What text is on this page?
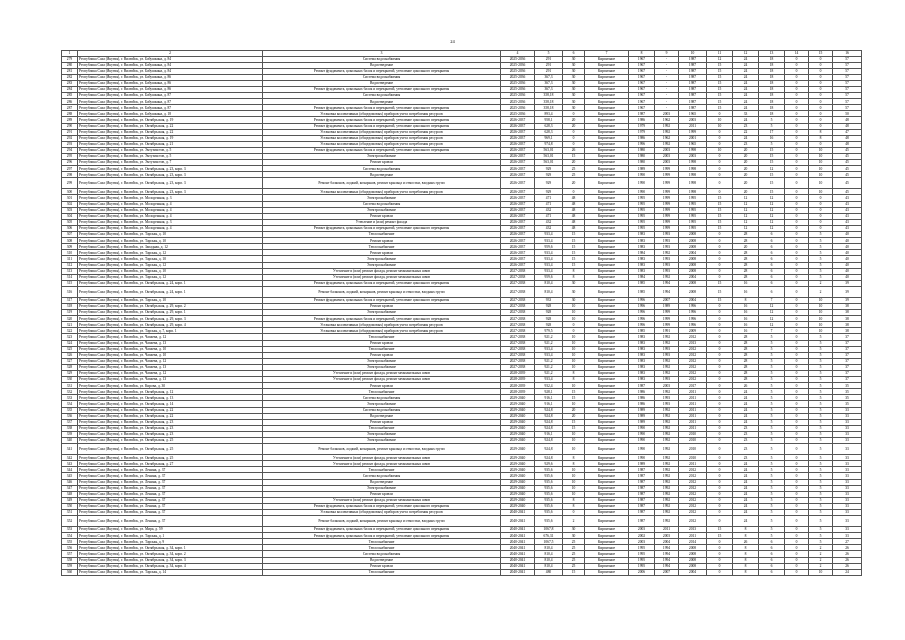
24
1	2	3	4	5	6	7	8	9	10	11	12	13	14	15	16
279	Республика Саха (Якутия), г. Вилюйск, ул. Бабушкина, д. 84	Система водоснабжения	2025-2036	291	30	Кирпичное	1967	-	1987	12	24	18	0	0	57
280	Республика Саха (Якутия), г. Вилюйск, ул. Бабушкина, д. 84	Водоотведение	2025-2036	291	30	Кирпичное	1967	-	1987	15	24	18	0	0	57
281	Республика Саха (Якутия), г. Вилюйск, ул. Бабушкина, д. 84	Ремонт фундамента, цокольных балок и перекрытий, утепление цокольного перекрытия	2025-2036	291	30	Кирпичное	1967	-	1987	15	24	18	0	0	57
282	Республика Саха (Якутия), г. Вилюйск, ул. Бабушкина, д. 86	Система водоснабжения	2025-2036	367,3	30	Кирпичное	1967	-	1987	15	24	18	0	0	57
283	Республика Саха (Якутия), г. Вилюйск, ул. Бабушкина, д. 86	Водоотведение	2025-2036	367,3	30	Кирпичное	1967	-	1987	15	24	18	0	0	57
284	Республика Саха (Якутия), г. Вилюйск, ул. Бабушкина, д. 86	Ремонт фундамента, цокольных балок и перекрытий, утепление цокольного перекрытия	2025-2036	367,3	30	Кирпичное	1967	-	1987	15	24	18	0	0	57
285	Республика Саха (Якутия), г. Вилюйск, ул. Бабушкина, д. 87	Система водоснабжения	2025-2036	358,18	30	Кирпичное	1967	-	1987	15	24	18	0	0	57
286	Республика Саха (Якутия), г. Вилюйск, ул. Бабушкина, д. 87	Водоотведение	2025-2036	358,18	30	Кирпичное	1967	-	1987	15	24	18	0	0	57
287	Республика Саха (Якутия), г. Вилюйск, ул. Бабушкина, д. 87	Ремонт фундамента, цокольных балок и перекрытий, утепление цокольного перекрытия	2025-2036	358,18	30	Кирпичное	1967	-	1987	15	24	18	0	0	57
288	Республика Саха (Якутия), г. Вилюйск, ул. Бабушкина, д. 18	Установка коллективных (общедомовых) приборов учета потребления ресурсов	2025-2036	893,4	0	Кирпичное	1987	2003	1965	0	33	18	0	0	50
289	Республика Саха (Якутия), г. Вилюйск, ул. Октябрьская, д. 19	Ремонт фундамента, цокольных балок и перекрытий, утепление цокольного перекрытия	2026-2037	958,1	20	Кирпичное	1986	1962	2003	10	24	5	0	0	48
290	Республика Саха (Якутия), г. Вилюйск, ул. Октябрьская, д. 22	Ремонт фундамента, цокольных балок и перекрытий, утепление цокольного перекрытия	2026-2037	628,3	20	Кирпичное	1979	1992	2011	10	23	5	0	0	48
291	Республика Саха (Якутия), г. Вилюйск, ул. Октябрьская, д. 22	Установка коллективных (общедомовых) приборов учета потребления ресурсов	2026-2037	628,3	0	Кирпичное	1979	1992	1999	0	22	17	0	8	47
292	Республика Саха (Якутия), г. Вилюйск, ул. Октябрьская, д. 19	Установка коллективных (общедомовых) приборов учета потребления ресурсов	2026-2037	969,1	0	Кирпичное	1986	1962	2001	0	24	16	0	8	48
293	Республика Саха (Якутия), г. Вилюйск, ул. Октябрьская, д. 21	Установка коллективных (общедомовых) приборов учета потребления ресурсов	2026-2037	974,8	0	Кирпичное	1996	1992	1965	0	23	5	0	0	48
294	Республика Саха (Якутия), г. Вилюйск, ул. Энтузиастов, д. 5	Ремонт фундамента, цокольных балок и перекрытий, утепление цокольного перекрытия	2026-2037	563,01	26	Кирпичное	1980	2003	1998	10	20	15	0	10	45
295	Республика Саха (Якутия), г. Вилюйск, ул. Энтузиастов, д. 5	Электроснабжение	2026-2037	563,01	15	Кирпичное	1980	2003	2003	0	20	15	0	10	45
296	Республика Саха (Якутия), г. Вилюйск, ул. Энтузиастов, д. 7	Ремонт кровли	2026-2037	563,01	20	Кирпичное	1980	2003	1998	0	20	15	0	10	45
297	Республика Саха (Якутия), г. Вилюйск, ул. Октябрьская, д. 23, корп. 3	Система водоснабжения	2026-2037	929	25	Кирпичное	1989	1999	1998	0	20	12	0	10	45
298	Республика Саха (Якутия), г. Вилюйск, ул. Октябрьская, д. 23, корп. 3	Водоотведение	2026-2037	929	25	Кирпичное	1990	1999	1998	0	20	15	0	10	45
299	Республика Саха (Якутия), г. Вилюйск, ул. Октябрьская, д. 23, корп. 3	Ремонт балконов, лоджий, козырьков, ремонт крыльца и отмостки, входных групп	2026-2037	929	20	Кирпичное	1990	1999	1998	0	20	15	0	10	45
300	Республика Саха (Якутия), г. Вилюйск, ул. Октябрьская, д. 23, корп. 3	Установка коллективных (общедомовых) приборов учета потребления ресурсов	2026-2037	929	0	Кирпичное	1990	1999	1998	0	20	15	0	10	45
301	Республика Саха (Якутия), г. Вилюйск, ул. Молодежная, д. 3	Электроснабжение	2026-2037	471	48	Кирпичное	1995	1999	1995	15	12	12	0	0	43
302	Республика Саха (Якутия), г. Вилюйск, ул. Молодежная, д. 4	Система водоснабжения	2026-2037	471	48	Кирпичное	1995	1999	1995	15	12	12	0	0	43
303	Республика Саха (Якутия), г. Вилюйск, ул. Молодежная, д. 4	Электроснабжение	2026-2037	432	48	Кирпичное	1995	1999	1995	15	12	12	0	0	43
304	Республика Саха (Якутия), г. Вилюйск, ул. Молодежная, д. 4	Ремонт кровли	2026-2037	471	48	Кирпичное	1995	1999	1995	15	12	12	0	0	43
305	Республика Саха (Якутия), г. Вилюйск, ул. Молодежная, д. 3	Утепление и (или) ремонт фасада	2026-2037	432	48	Кирпичное	1995	1999	1995	15	12	12	0	0	43
306	Республика Саха (Якутия), г. Вилюйск, ул. Молодежная, д. 4	Ремонт фундамента, цокольных балок и перекрытий, утепление цокольного перекрытия	2026-2037	432	48	Кирпичное	1995	1999	1995	15	12	12	0	0	43
307	Республика Саха (Якутия), г. Вилюйск, ул. Тарская, д. 10	Теплоснабжение	2026-2037	933,4	15	Кирпичное	1983	1993	2008	0	28	6	0	5	40
308	Республика Саха (Якутия), г. Вилюйск, ул. Тарская, д. 10	Ремонт кровли	2026-2037	933,4	15	Кирпичное	1983	1993	2008	0	28	6	0	5	40
309	Республика Саха (Якутия), г. Вилюйск, ул. Западная, д. 12	Теплоснабжение	2026-2037	959,6	15	Кирпичное	1983	1993	2008	0	20	6	0	5	40
310	Республика Саха (Якутия), г. Вилюйск, ул. Тарская, д. 12	Ремонт кровли	2026-2037	933,4	15	Кирпичное	1984	1992	2004	0	28	6	0	5	40
311	Республика Саха (Якутия), г. Вилюйск, ул. Тарская, д. 10	Электроснабжение	2026-2037	933,4	15	Кирпичное	1983	1993	2008	0	28	6	0	5	40
312	Республика Саха (Якутия), г. Вилюйск, ул. Тарская, д. 12	Электроснабжение	2026-2037	933,4	15	Кирпичное	1983	1993	2008	0	28	6	0	5	40
313	Республика Саха (Якутия), г. Вилюйск, ул. Тарская, д. 10	Утепление и (или) ремонт фасада, ремонт межпанельных швов	2027-2038	933,4	8	Кирпичное	1983	1993	2008	0	28	6	0	5	40
314	Республика Саха (Якутия), г. Вилюйск, ул. Тарская, д. 12	Утепление и (или) ремонт фасада, ремонт межпанельных швов	2027-2038	959,6	8	Кирпичное	1984	1992	2004	0	28	6	0	5	40
315	Республика Саха (Якутия), г. Вилюйск, ул. Октябрьская, д. 24, корп. 1	Ремонт фундамента, цокольных балок и перекрытий, утепление цокольного перекрытия	2027-2038	810,4	30	Кирпичное	1985	1994	2008	15	16	6	0	2	39
316	Республика Саха (Якутия), г. Вилюйск, ул. Октябрьская, д. 24, корп. 1	Ремонт балконов, лоджий, козырьков, ремонт крыльца и отмостки, входных групп	2027-2038	810,4	30	Кирпичное	1985	1994	2008	15	16	6	0	2	39
317	Республика Саха (Якутия), г. Вилюйск, ул. Тарская, д. 10	Ремонт фундамента, цокольных балок и перекрытий, утепление цокольного перекрытия	2027-2038	933	30	Кирпичное	1996	2007	2004	15	8	7	0	10	39
318	Республика Саха (Якутия), г. Вилюйск, ул. Октябрьская, д. 29, корп. 2	Ремонт кровли	2027-2038	928	10	Кирпичное	1996	1989	1996	0	16	12	0	10	38
319	Республика Саха (Якутия), г. Вилюйск, ул. Октябрьская, д. 29, корп. 1	Электроснабжение	2027-2038	928	10	Кирпичное	1996	1999	1996	0	16	12	0	10	38
320	Республика Саха (Якутия), г. Вилюйск, ул. Октябрьская, д. 29, корп. 3	Ремонт фундамента, цокольных балок и перекрытий, утепление цокольного перекрытия	2027-2038	928	10	Кирпичное	1996	1999	1996	0	16	12	0	10	38
321	Республика Саха (Якутия), г. Вилюйск, ул. Октябрьская, д. 29, корп. 4	Установка коллективных (общедомовых) приборов учета потребления ресурсов	2027-2038	928	0	Кирпичное	1996	1999	1996	0	16	12	0	10	38
322	Республика Саха (Якутия), г. Вилюйск, ул. Тарская, д. 7, корп. 1	Установка коллективных (общедомовых) приборов учета потребления ресурсов	2027-2038	979,5	0	Кирпичное	1985	1991	2009	0	16	7	0	10	38
323	Республика Саха (Якутия), г. Вилюйск, ул. Чапаева, д. 12	Теплоснабжение	2027-2038	921,2	10	Кирпичное	1983	1992	2012	0	28	5	0	5	37
324	Республика Саха (Якутия), г. Вилюйск, ул. Чапаева, д. 13	Ремонт кровли	2027-2038	921,2	10	Кирпичное	1983	1992	2013	0	28	5	0	5	37
325	Республика Саха (Якутия), г. Вилюйск, ул. Чапаева, д. 10	Теплоснабжение	2027-2038	933,4	10	Кирпичное	1983	1993	2012	0	28	5	0	5	37
326	Республика Саха (Якутия), г. Вилюйск, ул. Чапаева, д. 10	Ремонт кровли	2027-2038	933,4	10	Кирпичное	1983	1993	2012	0	28	5	0	5	37
327	Республика Саха (Якутия), г. Вилюйск, ул. Чапаева, д. 12	Электроснабжение	2027-2038	921,2	10	Кирпичное	1983	1992	2012	0	28	5	0	5	37
328	Республика Саха (Якутия), г. Вилюйск, ул. Чапаева, д. 13	Электроснабжение	2027-2038	921,2	10	Кирпичное	1983	1992	2012	0	28	5	0	5	37
329	Республика Саха (Якутия), г. Вилюйск, ул. Чапаева, д. 12	Утепление и (или) ремонт фасада, ремонт межпанельных швов	2028-2039	921,2	8	Кирпичное	1983	1992	2012	0	28	5	0	5	37
330	Республика Саха (Якутия), г. Вилюйск, ул. Чапаева, д. 13	Утепление и (или) ремонт фасада, ремонт межпанельных швов	2028-2039	933,4	8	Кирпичное	1983	1993	2012	0	28	5	0	5	37
331	Республика Саха (Якутия), г. Вилюйск, ул. Кирова, д. 30	Ремонт кровли	2028-2039	932,4	10	Кирпичное	1987	2003	2017	0	26	5	0	5	35
332	Республика Саха (Якутия), г. Вилюйск, ул. Октябрьская, д. 12	Теплоснабжение	2028-2039	928,1	15	Кирпичное	1986	1992	2011	0	24	5	0	5	35
333	Республика Саха (Якутия), г. Вилюйск, ул. Октябрьская, д. 13	Система водоснабжения	2029-2040	916,1	15	Кирпичное	1986	1993	2011	0	24	5	0	5	35
334	Республика Саха (Якутия), г. Вилюйск, ул. Октябрьская, д. 14	Электроснабжение	2029-2040	916,1	10	Кирпичное	1986	1993	2011	0	24	5	0	5	35
335	Республика Саха (Якутия), г. Вилюйск, ул. Октябрьская, д. 22	Система водоснабжения	2029-2040	924,8	20	Кирпичное	1989	1992	2011	0	24	5	0	5	33
336	Республика Саха (Якутия), г. Вилюйск, ул. Октябрьская, д. 22	Водоотведение	2029-2040	924,8	20	Кирпичное	1989	1992	2011	0	24	5	0	5	33
337	Республика Саха (Якутия), г. Вилюйск, ул. Октябрьская, д. 23	Ремонт кровли	2029-2040	924,8	15	Кирпичное	1989	1992	2011	0	24	5	0	5	33
338	Республика Саха (Якутия), г. Вилюйск, ул. Октябрьская, д. 23	Теплоснабжение	2029-2040	924,8	15	Кирпичное	1990	1992	2011	0	23	5	0	5	33
339	Республика Саха (Якутия), г. Вилюйск, ул. Октябрьская, д. 23	Электроснабжение	2029-2040	916,1	10	Кирпичное	1990	1992	2010	0	23	5	0	5	33
340	Республика Саха (Якутия), г. Вилюйск, ул. Октябрьская, д. 25	Электроснабжение	2029-2040	924,8	10	Кирпичное	1990	1992	2010	0	23	5	0	5	33
341	Республика Саха (Якутия), г. Вилюйск, ул. Октябрьская, д. 25	Ремонт балконов, лоджий, козырьков, ремонт крыльца и отмостки, входных групп	2029-2040	924,8	10	Кирпичное	1990	1992	2010	0	23	5	0	5	33
342	Республика Саха (Якутия), г. Вилюйск, ул. Октябрьская, д. 25	Утепление и (или) ремонт фасада, ремонт межпанельных швов	2029-2040	924,8	8	Кирпичное	1990	1992	2010	0	23	5	0	5	33
343	Республика Саха (Якутия), г. Вилюйск, ул. Октябрьская, д. 27	Утепление и (или) ремонт фасада, ремонт межпанельных швов	2029-2040	929,6	8	Кирпичное	1989	1992	2011	0	24	5	0	5	33
344	Республика Саха (Якутия), г. Вилюйск, ул. Ленина, д. 37	Теплоснабжение	2029-2040	935,6	10	Кирпичное	1987	1992	2012	0	24	5	0	5	33
345	Республика Саха (Якутия), г. Вилюйск, ул. Ленина, д. 37	Система водоснабжения	2029-2040	935,6	10	Кирпичное	1987	1992	2012	0	24	5	0	5	33
346	Республика Саха (Якутия), г. Вилюйск, ул. Ленина, д. 37	Водоотведение	2029-2040	935,6	10	Кирпичное	1987	1992	2012	0	24	5	0	5	33
347	Республика Саха (Якутия), г. Вилюйск, ул. Ленина, д. 37	Электроснабжение	2029-2040	935,6	10	Кирпичное	1987	1992	2012	0	24	5	0	5	33
348	Республика Саха (Якутия), г. Вилюйск, ул. Ленина, д. 37	Ремонт кровли	2029-2040	935,6	10	Кирпичное	1987	1992	2012	0	24	5	0	5	33
349	Республика Саха (Якутия), г. Вилюйск, ул. Ленина, д. 37	Утепление и (или) ремонт фасада, ремонт межпанельных швов	2029-2040	935,6	8	Кирпичное	1987	1992	2012	0	24	5	0	5	33
350	Республика Саха (Якутия), г. Вилюйск, ул. Ленина, д. 37	Ремонт фундамента, цокольных балок и перекрытий, утепление цокольного перекрытия	2029-2040	935,6	8	Кирпичное	1987	1992	2012	0	24	5	0	5	33
351	Республика Саха (Якутия), г. Вилюйск, ул. Ленина, д. 37	Установка коллективных (общедомовых) приборов учета потребления ресурсов	2040-2041	935,6	0	Кирпичное	1987	1992	2012	0	24	5	0	5	33
352	Республика Саха (Якутия), г. Вилюйск, ул. Ленина, д. 37	Ремонт балконов, лоджий, козырьков, ремонт крыльца и отмостки, входных групп	2040-2041	935,6	2	Кирпичное	1987	1992	2012	0	24	5	0	5	33
353	Республика Саха (Якутия), г. Вилюйск, ул. Мира, д. 59	Ремонт фундамента, цокольных балок и перекрытий, утепление цокольного перекрытия	2040-2041	1067,8	30	Кирпичное	2003	2011	2013	15	8	5	0	5	33
354	Республика Саха (Якутия), г. Вилюйск, ул. Тарская, д. 1	Ремонт фундамента, цокольных балок и перекрытий, утепление цокольного перекрытия	2040-2041	676,31	30	Кирпичное	2002	2003	2011	15	8	5	0	5	33
355	Республика Саха (Якутия), г. Вилюйск, ул. Тарская, д. 9	Теплоснабжение	2040-2041	1067,5	25	Кирпичное	2003	2004	2014	0	26	6	0	5	27
356	Республика Саха (Якутия), г. Вилюйск, ул. Октябрьская, д. 34, корп. 1	Теплоснабжение	2040-2041	810,4	25	Кирпичное	1995	1994	2008	0	8	6	0	2	26
357	Республика Саха (Якутия), г. Вилюйск, ул. Октябрьская, д. 34, корп. 2	Система водоснабжения	2040-2041	810,4	25	Кирпичное	1995	1994	2008	0	8	6	0	2	26
358	Республика Саха (Якутия), г. Вилюйск, ул. Октябрьская, д. 34, корп. 3	Водоотведение	2040-2041	810,4	25	Кирпичное	1995	1994	2008	0	8	6	0	2	26
359	Республика Саха (Якутия), г. Вилюйск, ул. Октябрьская, д. 34, корп. 4	Ремонт кровли	2040-2041	810,4	25	Кирпичное	1995	1994	2008	0	8	6	0	2	26
360	Республика Саха (Якутия), г. Вилюйск, ул. Тарская, д. 14	Теплоснабжение	2040-2041	480	15	Кирпичное	2006	2007	2004	0	8	6	0	10	24
